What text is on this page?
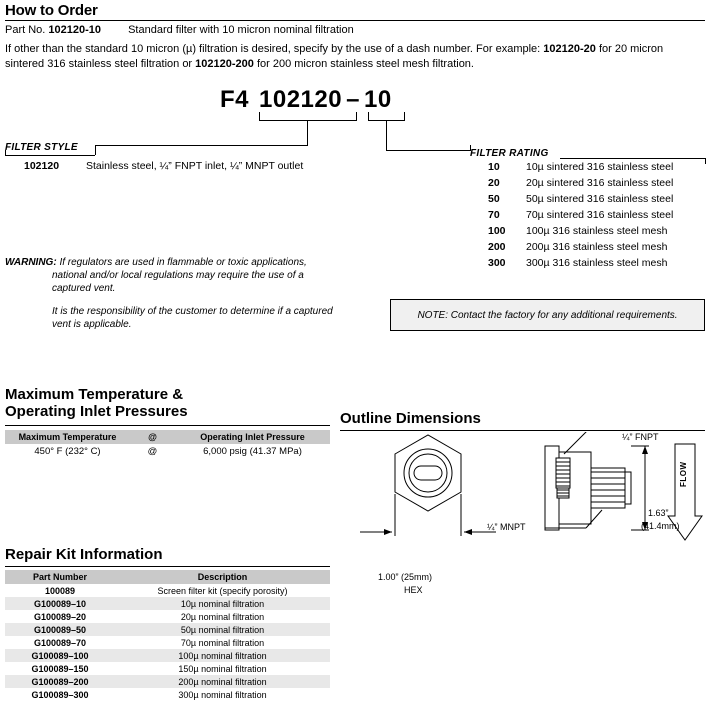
How to Order
Part No. 102120-10 Standard filter with 10 micron nominal filtration
If other than the standard 10 micron (µ) filtration is desired, specify by the use of a dash number. For example: 102120-20 for 20 micron sintered 316 stainless steel filtration or 102120-200 for 200 micron stainless steel mesh filtration.
F4 102120 – 10
FILTER STYLE
102120	Stainless steel, ¼” FNPT inlet, ¼” MNPT outlet
FILTER RATING
10	10µ sintered 316 stainless steel
20	20µ sintered 316 stainless steel
50	50µ sintered 316 stainless steel
70	70µ sintered 316 stainless steel
100 100µ 316 stainless steel mesh
200 200µ 316 stainless steel mesh
300 300µ 316 stainless steel mesh
WARNING: If regulators are used in flammable or toxic applications, national and/or local regulations may require the use of a captured vent.
It is the responsibility of the customer to determine if a captured vent is applicable.
NOTE: Contact the factory for any additional requirements.
Maximum Temperature &
Operating Inlet Pressures
Maximum Temperature	@	Operating Inlet Pressure
450° F (232° C)	@	6,000 psig (41.37 MPa)
Repair Kit Information
Part Number	Description
100089	Screen filter kit (specify porosity)
G100089–10	10µ nominal filtration
G100089–20	20µ nominal filtration
G100089–50	50µ nominal filtration
G100089–70	70µ nominal filtration
G100089–100	100µ nominal filtration
G100089–150	150µ nominal filtration
G100089–200	200µ nominal filtration
G100089–300	300µ nominal filtration
Outline Dimensions
1.00” (25mm)
HEX
¼” FNPT
¼” MNPT
1.63”
(41.4mm)
FLOW
